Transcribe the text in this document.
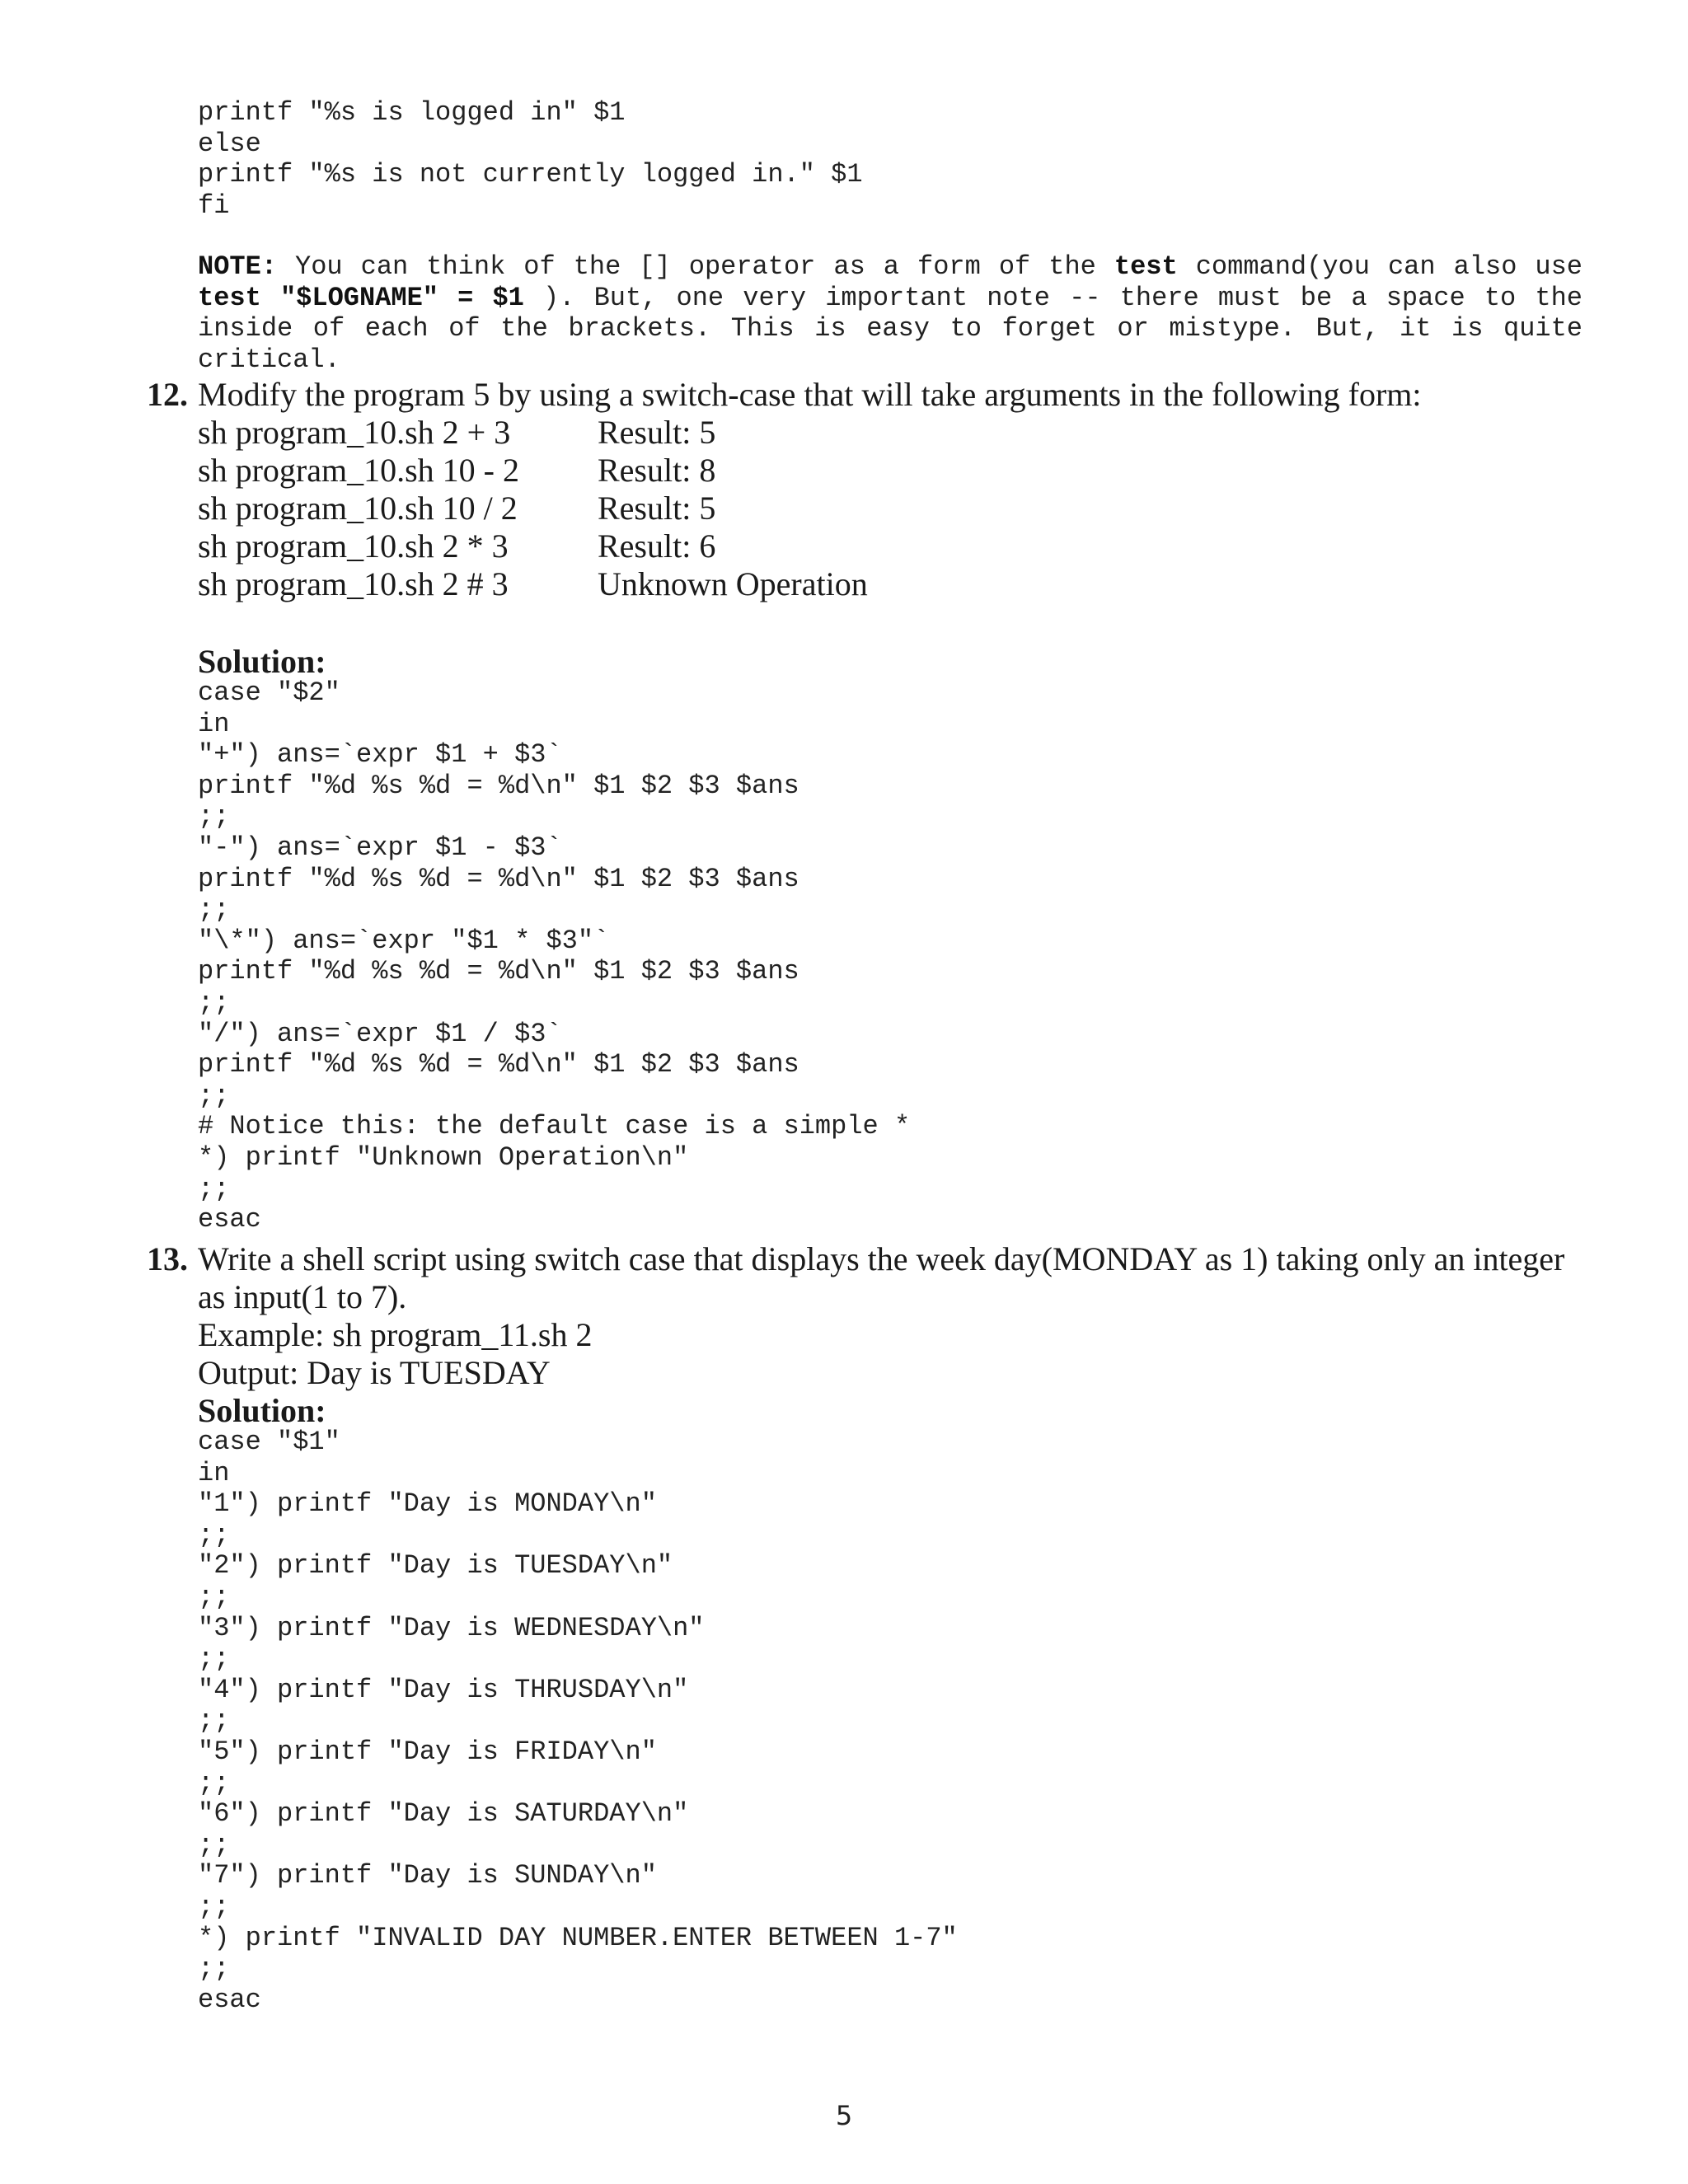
printf "%s is logged in" $1
else
printf "%s is not currently logged in." $1
fi

NOTE: You can think of the [] operator as a form of the test command(you can also use test "$LOGNAME" = $1 ). But, one very important note -- there must be a space to the inside of each of the brackets. This is easy to forget or mistype. But, it is quite critical.

12. Modify the program 5 by using a switch-case that will take arguments in the following form:
sh program_10.sh 2 + 3	Result: 5
sh program_10.sh 10 - 2	Result: 8
sh program_10.sh 10 / 2	Result: 5
sh program_10.sh 2 * 3	Result: 6
sh program_10.sh 2 # 3	Unknown Operation
Solution:
case "$2"
in
"+") ans=`expr $1 + $3`
printf "%d %s %d = %d\n" $1 $2 $3 $ans
;;
"-") ans=`expr $1 - $3`
printf "%d %s %d = %d\n" $1 $2 $3 $ans
;;
"\*") ans=`expr "$1 * $3"`
printf "%d %s %d = %d\n" $1 $2 $3 $ans
;;
"/") ans=`expr $1 / $3`
printf "%d %s %d = %d\n" $1 $2 $3 $ans
;;
# Notice this: the default case is a simple *
*) printf "Unknown Operation\n"
;;
esac
13. Write a shell script using switch case that displays the week day(MONDAY as 1) taking only an integer
as input(1 to 7).
Example: sh program_11.sh 2
Output: Day is TUESDAY
Solution:
case "$1"
in
"1") printf "Day is MONDAY\n"
;;
"2") printf "Day is TUESDAY\n"
;;
"3") printf "Day is WEDNESDAY\n"
;;
"4") printf "Day is THRUSDAY\n"
;;
"5") printf "Day is FRIDAY\n"
;;
"6") printf "Day is SATURDAY\n"
;;
"7") printf "Day is SUNDAY\n"
;;
*) printf "INVALID DAY NUMBER.ENTER BETWEEN 1-7"
;;
esac
5
